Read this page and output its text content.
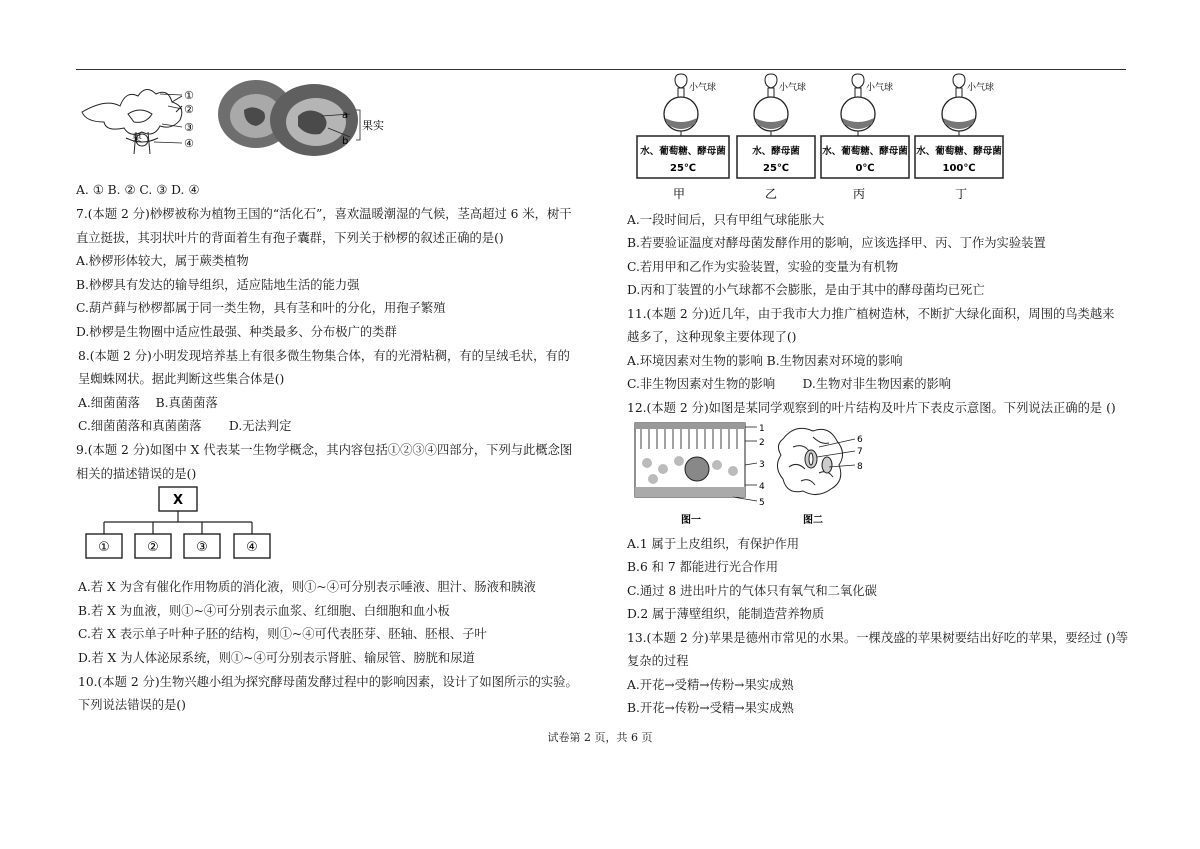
①
②
③
④
果
a
b
果实
A. ① B. ② C. ③ D. ④
7.(本题 2 分)桫椤被称为植物王国的“活化石”，喜欢温暖潮湿的气候，茎高超过 6 米，树干
直立挺拔，其羽状叶片的背面着生有孢子囊群，下列关于桫椤的叙述正确的是()
A.桫椤形体较大，属于蕨类植物
B.桫椤具有发达的输导组织，适应陆地生活的能力强
C.葫芦藓与桫椤都属于同一类生物，具有茎和叶的分化，用孢子繁殖
D.桫椤是生物圈中适应性最强、种类最多、分布极广的类群
8.(本题 2 分)小明发现培养基上有很多微生物集合体，有的光滑粘稠，有的呈绒毛状，有的
呈蜘蛛网状。据此判断这些集合体是()
A.细菌菌落    B.真菌菌落
C.细菌菌落和真菌菌落       D.无法判定
9.(本题 2 分)如图中 X 代表某一生物学概念，其内容包括①②③④四部分，下列与此概念图
相关的描述错误的是()
X
①	②	③	④
A.若 X 为含有催化作用物质的消化液，则①~④可分别表示唾液、胆汁、肠液和胰液
B.若 X 为血液，则①~④可分别表示血浆、红细胞、白细胞和血小板
C.若 X 表示单子叶种子胚的结构，则①~④可代表胚芽、胚轴、胚根、子叶
D.若 X 为人体泌尿系统，则①~④可分别表示肾脏、输尿管、膀胱和尿道
10.(本题 2 分)生物兴趣小组为探究酵母菌发酵过程中的影响因素，设计了如图所示的实验。
下列说法错误的是()
小气球
水、葡萄糖、酵母菌
25℃
小气球
水、酵母菌
25℃
小气球
水、葡萄糖、酵母菌
0℃
小气球
水、葡萄糖、酵母菌
100℃
甲	乙	丙	丁
A.一段时间后，只有甲组气球能胀大
B.若要验证温度对酵母菌发酵作用的影响，应该选择甲、丙、丁作为实验装置
C.若用甲和乙作为实验装置，实验的变量为有机物
D.丙和丁装置的小气球都不会膨胀，是由于其中的酵母菌均已死亡
11.(本题 2 分)近几年，由于我市大力推广植树造林，不断扩大绿化面积，周围的鸟类越来
越多了，这种现象主要体现了()
A.环境因素对生物的影响 B.生物因素对环境的影响
C.非生物因素对生物的影响       D.生物对非生物因素的影响
12.(本题 2 分)如图是某同学观察到的叶片结构及叶片下表皮示意图。下列说法正确的是 ()
1
2
3
4
5
图一
6
7
8
图二
A.1 属于上皮组织，有保护作用
B.6 和 7 都能进行光合作用
C.通过 8 进出叶片的气体只有氧气和二氧化碳
D.2 属于薄壁组织，能制造营养物质
13.(本题 2 分)苹果是德州市常见的水果。一棵茂盛的苹果树要结出好吃的苹果，要经过 ()等
复杂的过程
A.开花→受精→传粉→果实成熟
B.开花→传粉→受精→果实成熟
试卷第 2 页，共 6 页
